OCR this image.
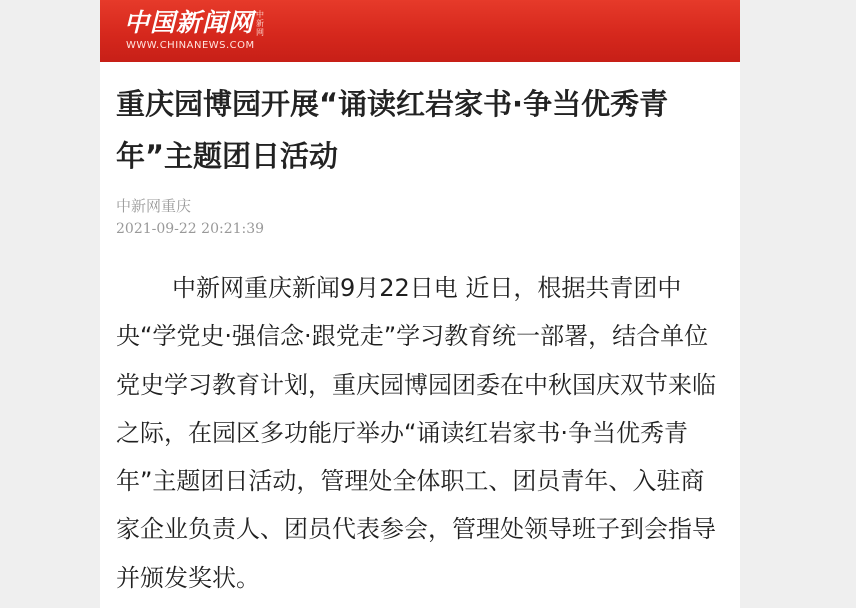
中国新闻网 中新网
WWW.CHINANEWS.COM
重庆园博园开展“诵读红岩家书·争当优秀青年”主题团日活动
中新网重庆
2021-09-22 20:21:39

中新网重庆新闻9月22日电 近日，根据共青团中央“学党史·强信念·跟党走”学习教育统一部署，结合单位党史学习教育计划，重庆园博园团委在中秋国庆双节来临之际，在园区多功能厅举办“诵读红岩家书·争当优秀青年”主题团日活动，管理处全体职工、团员青年、入驻商家企业负责人、团员代表参会，管理处领导班子到会指导并颁发奖状。
